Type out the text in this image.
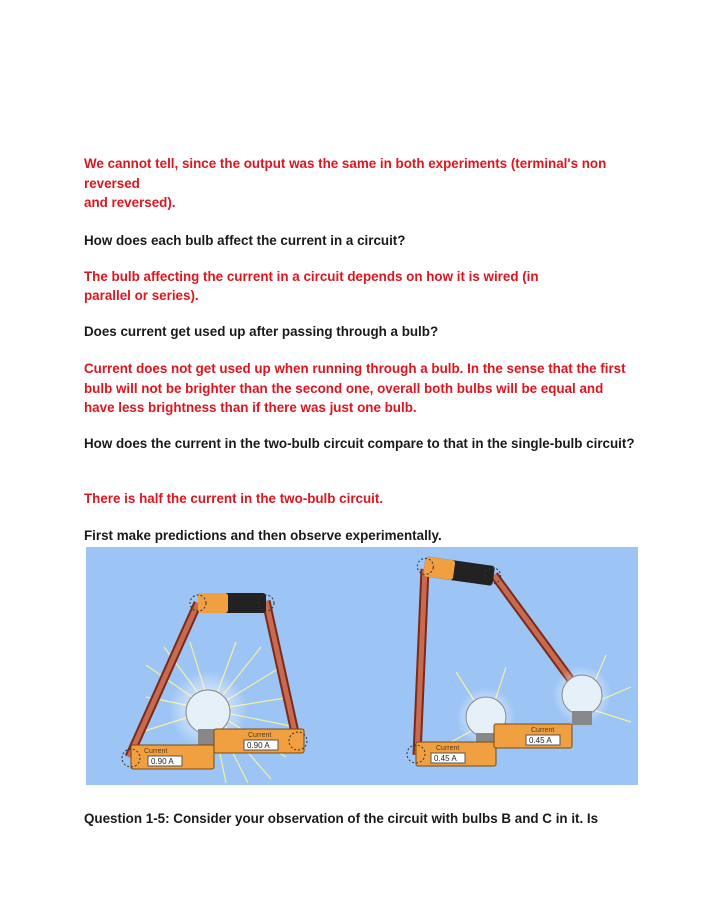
We cannot tell, since the output was the same in both experiments (terminal's non reversed

and reversed).

How does each bulb affect the current in a circuit?

The bulb affecting the current in a circuit depends on how it is wired (in

parallel or series).

Does current get used up after passing through a bulb?

Current does not get used up when running through a bulb. In the sense that the first bulb will not be brighter than the second one, overall both bulbs will be equal and have less brightness than if there was just one bulb.

How does the current in the two-bulb circuit compare to that in the single-bulb circuit?

There is half the current in the two-bulb circuit.

First make predictions and then observe experimentally.

Current
0.90 A
Current
0.90 A	Current
0.45 A
Current
0.45 A

Question 1-5: Consider your observation of the circuit with bulbs B and C in it. Is
